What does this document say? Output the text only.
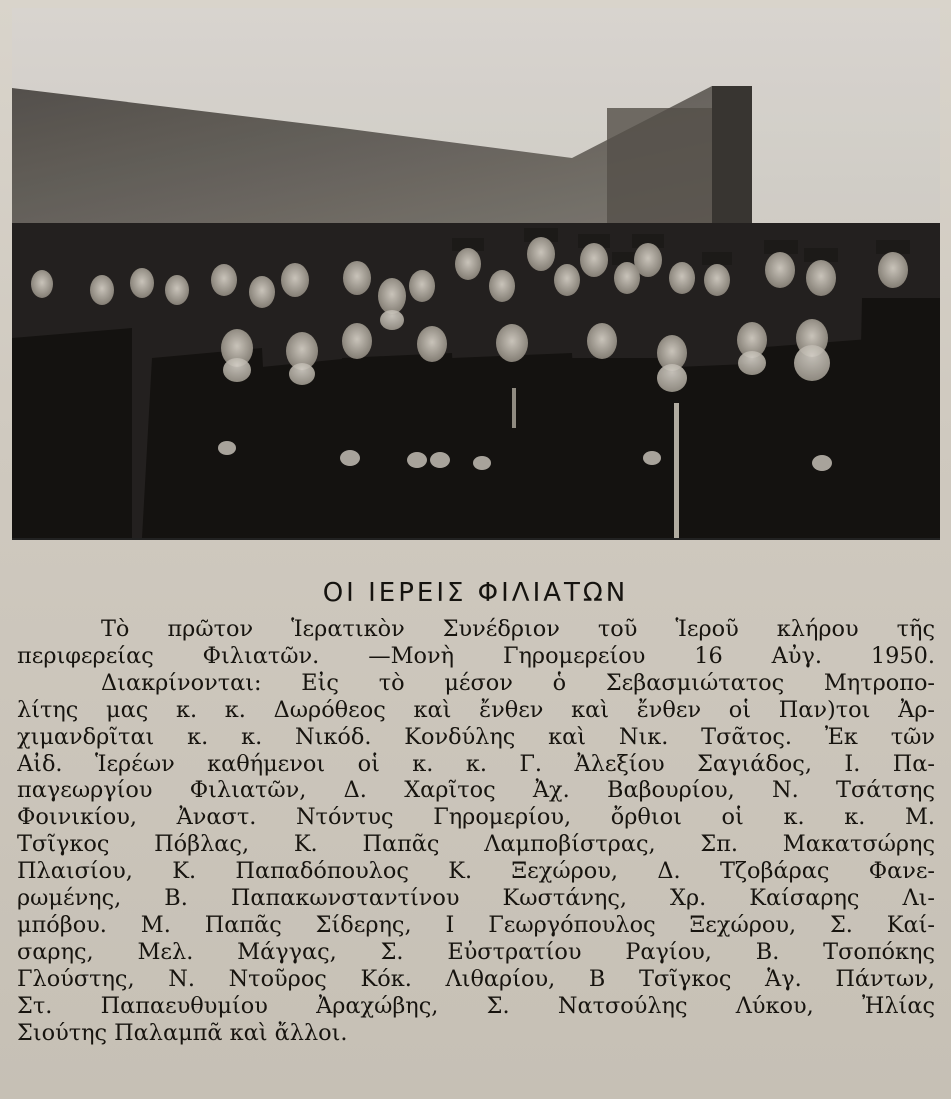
ΟΙ ΙΕΡΕΙΣ ΦΙΛΙΑΤΩΝ
Τὸ πρῶτον Ἱερατικὸν Συνέδριον τοῦ Ἱεροῦ κλήρου τῆς
περιφερείας Φιλιατῶν. —Μονὴ Γηρομερείου 16 Αὐγ. 1950.
Διακρίνονται: Εἰς τὸ μέσον ὁ Σεβασμιώτατος Μητροπο-
λίτης μας κ. κ. Δωρόθεος καὶ ἔνθεν καὶ ἔνθεν οἱ Παν)τοι Ἀρ-
χιμανδρῖται κ. κ. Νικόδ. Κονδύλης καὶ Νικ. Τσᾶτος. Ἐκ τῶν
Αἰδ. Ἱερέων καθήμενοι οἱ κ. κ. Γ. Ἀλεξίου Σαγιάδος, Ι. Πα-
παγεωργίου Φιλιατῶν, Δ. Χαρῖτος Ἀχ. Βαβουρίου, Ν. Τσάτσης
Φοινικίου, Ἀναστ. Ντόντυς Γηρομερίου, ὄρθιοι οἱ κ. κ. Μ.
Τσῖγκος Πόβλας, Κ. Παπᾶς Λαμποβίστρας, Σπ. Μακατσώρης
Πλαισίου, Κ. Παπαδόπουλος Κ. Ξεχώρου, Δ. Τζοβάρας Φανε-
ρωμένης, Β. Παπακωνσταντίνου Κωστάνης, Χρ. Καίσαρης Λι-
μπόβου. Μ. Παπᾶς Σίδερης, Ι Γεωργόπουλος Ξεχώρου, Σ. Καί-
σαρης, Μελ. Μάγγας, Σ. Εὐστρατίου Ραγίου, Β. Τσοπόκης
Γλούστης, Ν. Ντοῦρος Κόκ. Λιθαρίου, Β Τσῖγκος Ἁγ. Πάντων,
Στ. Παπαευθυμίου Ἀραχώβης, Σ. Νατσούλης Λύκου, Ἠλίας
Σιούτης Παλαμπᾶ καὶ ἄλλοι.
